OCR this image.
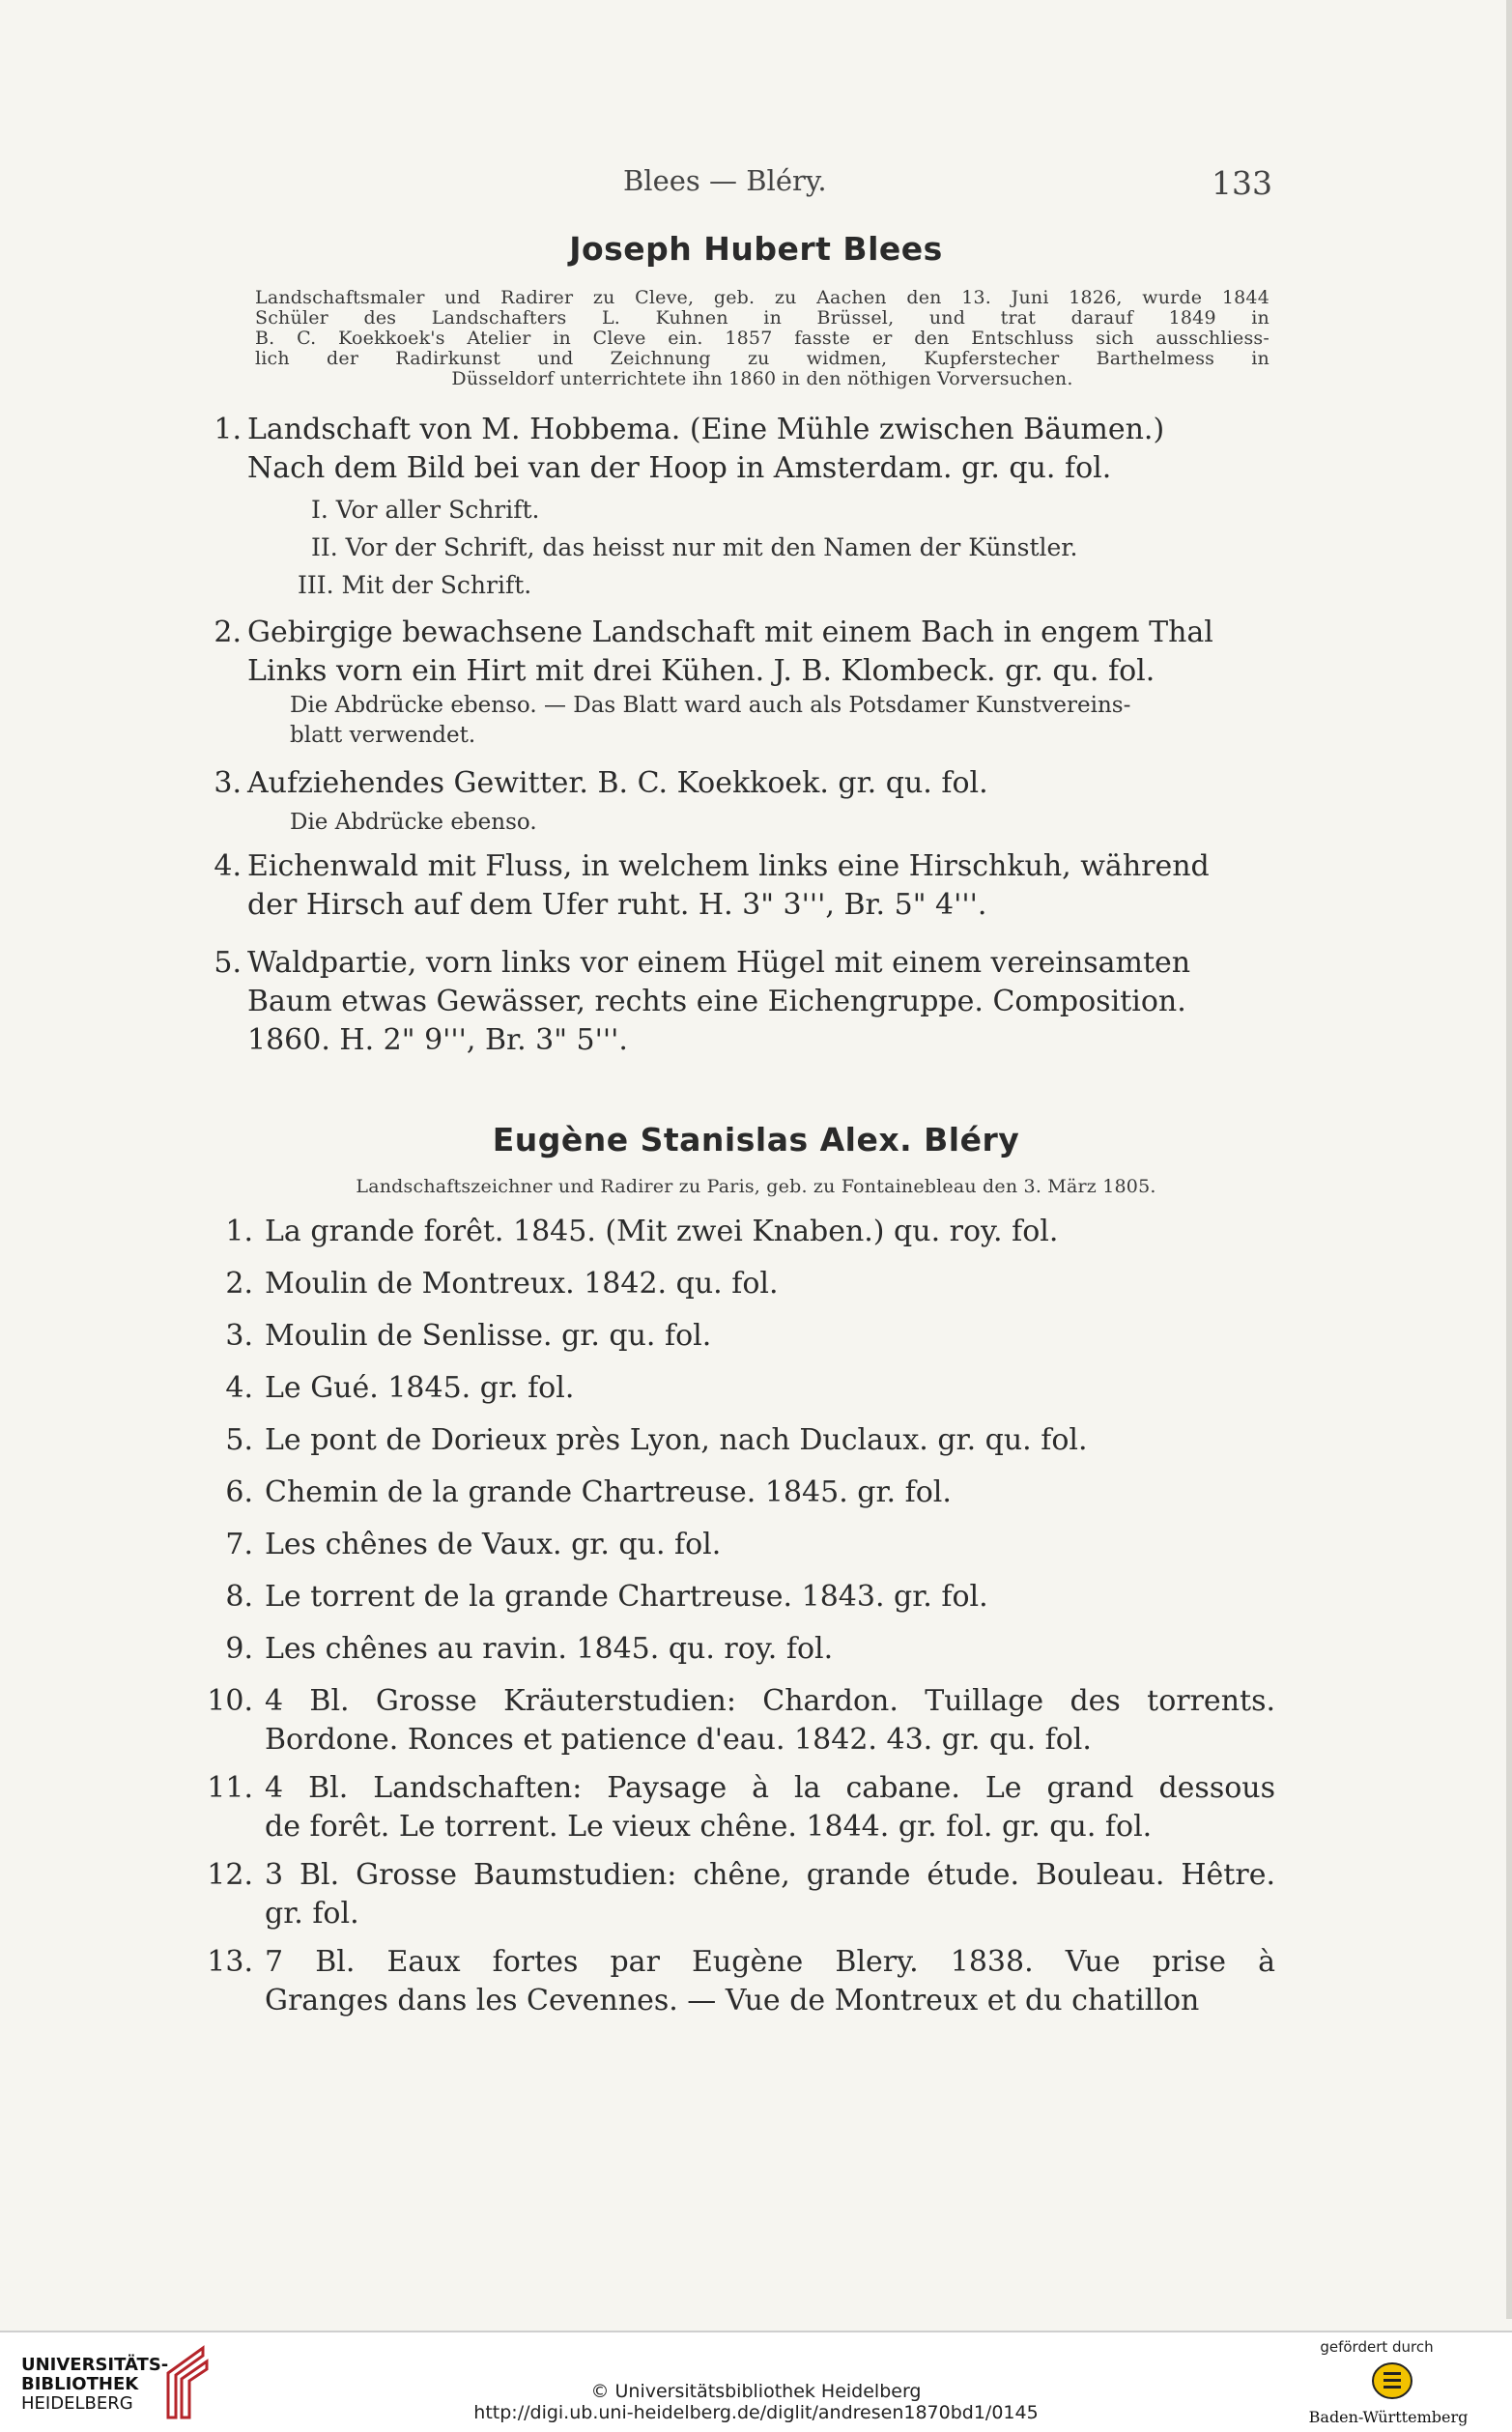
Blees — Bléry.	133
Joseph Hubert Blees
Landschaftsmaler und Radirer zu Cleve, geb. zu Aachen den 13. Juni 1826, wurde 1844
Schüler des Landschafters L. Kuhnen in Brüssel, und trat darauf 1849 in
B. C. Koekkoek's Atelier in Cleve ein. 1857 fasste er den Entschluss sich ausschliess-
lich der Radirkunst und Zeichnung zu widmen, Kupferstecher Barthelmess in
Düsseldorf unterrichtete ihn 1860 in den nöthigen Vorversuchen.
1. Landschaft von M. Hobbema. (Eine Mühle zwischen Bäumen.)
Nach dem Bild bei van der Hoop in Amsterdam. gr. qu. fol.
I. Vor aller Schrift.
II. Vor der Schrift, das heisst nur mit den Namen der Künstler.
III. Mit der Schrift.
2. Gebirgige bewachsene Landschaft mit einem Bach in engem Thal
Links vorn ein Hirt mit drei Kühen. J. B. Klombeck. gr. qu. fol.
Die Abdrücke ebenso. — Das Blatt ward auch als Potsdamer Kunstvereins-
blatt verwendet.
3. Aufziehendes Gewitter. B. C. Koekkoek. gr. qu. fol.
Die Abdrücke ebenso.
4. Eichenwald mit Fluss, in welchem links eine Hirschkuh, während
der Hirsch auf dem Ufer ruht. H. 3" 3''', Br. 5" 4'''.
5. Waldpartie, vorn links vor einem Hügel mit einem vereinsamten
Baum etwas Gewässer, rechts eine Eichengruppe. Composition.
1860. H. 2" 9''', Br. 3" 5'''.
Eugène Stanislas Alex. Bléry
Landschaftszeichner und Radirer zu Paris, geb. zu Fontainebleau den 3. März 1805.
1. La grande forêt. 1845. (Mit zwei Knaben.) qu. roy. fol.
2. Moulin de Montreux. 1842. qu. fol.
3. Moulin de Senlisse. gr. qu. fol.
4. Le Gué. 1845. gr. fol.
5. Le pont de Dorieux près Lyon, nach Duclaux. gr. qu. fol.
6. Chemin de la grande Chartreuse. 1845. gr. fol.
7. Les chênes de Vaux. gr. qu. fol.
8. Le torrent de la grande Chartreuse. 1843. gr. fol.
9. Les chênes au ravin. 1845. qu. roy. fol.
10. 4 Bl. Grosse Kräuterstudien: Chardon. Tuillage des torrents.
Bordone. Ronces et patience d'eau. 1842. 43. gr. qu. fol.
11. 4 Bl. Landschaften: Paysage à la cabane. Le grand dessous
de forêt. Le torrent. Le vieux chêne. 1844. gr. fol. gr. qu. fol.
12. 3 Bl. Grosse Baumstudien: chêne, grande étude. Bouleau. Hêtre.
gr. fol.
13. 7 Bl. Eaux fortes par Eugène Blery. 1838. Vue prise à
Granges dans les Cevennes. — Vue de Montreux et du chatillon
UNIVERSITÄTS-
BIBLIOTHEK
HEIDELBERG
© Universitätsbibliothek Heidelberg
http://digi.ub.uni-heidelberg.de/diglit/andresen1870bd1/0145
gefördert durch
Baden-Württemberg
